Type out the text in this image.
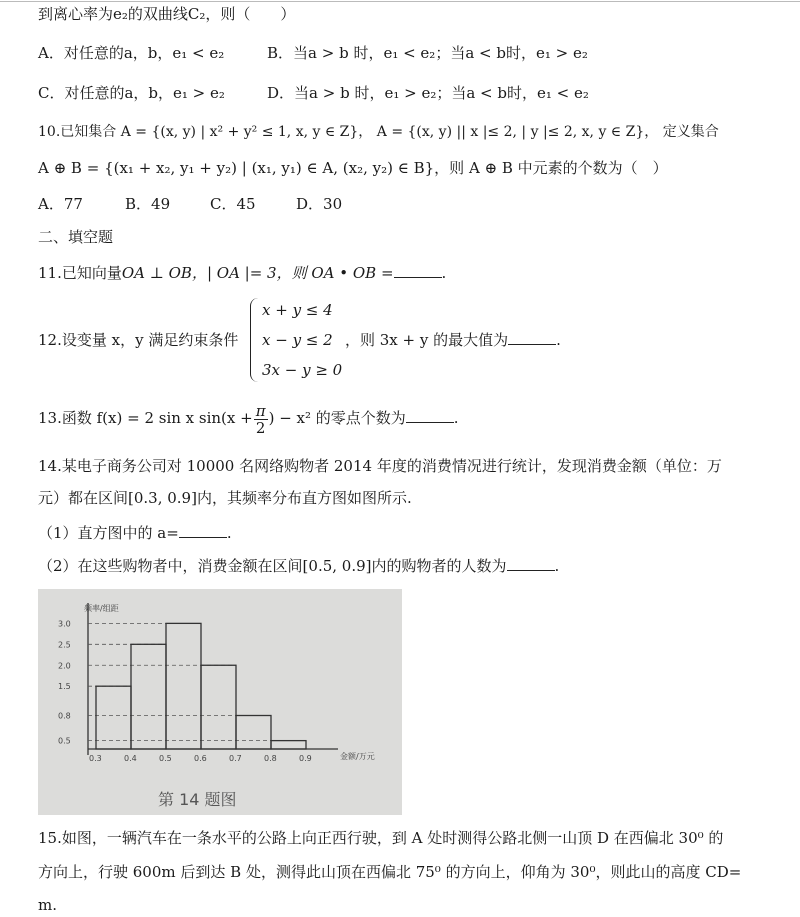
到离心率为e₂的双曲线C₂，则（　　）
A．对任意的a，b，e₁ < e₂	B．当a > b 时，e₁ < e₂；当a < b时，e₁ > e₂
C．对任意的a，b，e₁ > e₂	D．当a > b 时，e₁ > e₂；当a < b时，e₁ < e₂
10.已知集合 A = {(x, y) | x² + y² ≤ 1, x, y ∈ Z}， A = {(x, y) || x |≤ 2, | y |≤ 2, x, y ∈ Z}， 定义集合
A ⊕ B = {(x₁ + x₂, y₁ + y₂) | (x₁, y₁) ∈ A, (x₂, y₂) ∈ B}，则 A ⊕ B 中元素的个数为（　）
A．77	B．49	C．45	D．30
二、填空题
11.已知向量OA ⊥ OB，| OA |= 3，则 OA • OB =	.
12.设变量 x，y 满足约束条件
x + y ≤ 4
x − y ≤ 2
3x − y ≥ 0
，则 3x + y 的最大值为	.
13.函数 f(x) = 2 sin x $\sin(x + \frac{\pi}{2}$ ) − x² 的零点个数为	.
14.某电子商务公司对 10000 名网络购物者 2014 年度的消费情况进行统计，发现消费金额（单位：万
元）都在区间[0.3, 0.9]内，其频率分布直方图如图所示.
（1）直方图中的 a=	.
（2）在这些购物者中，消费金额在区间[0.5, 0.9]内的购物者的人数为	.
频率/组距
金额/万元
第 14 题图
3.0
2.5
2.0
1.5
0.8
0.5
0.3	0.4	0.5	0.6	0.7	0.8	0.9
15.如图，一辆汽车在一条水平的公路上向正西行驶，到 A 处时测得公路北侧一山顶 D 在西偏北 30⁰ 的
方向上，行驶 600m 后到达 B 处，测得此山顶在西偏北 75⁰ 的方向上，仰角为 30⁰，则此山的高度 CD=
m.
